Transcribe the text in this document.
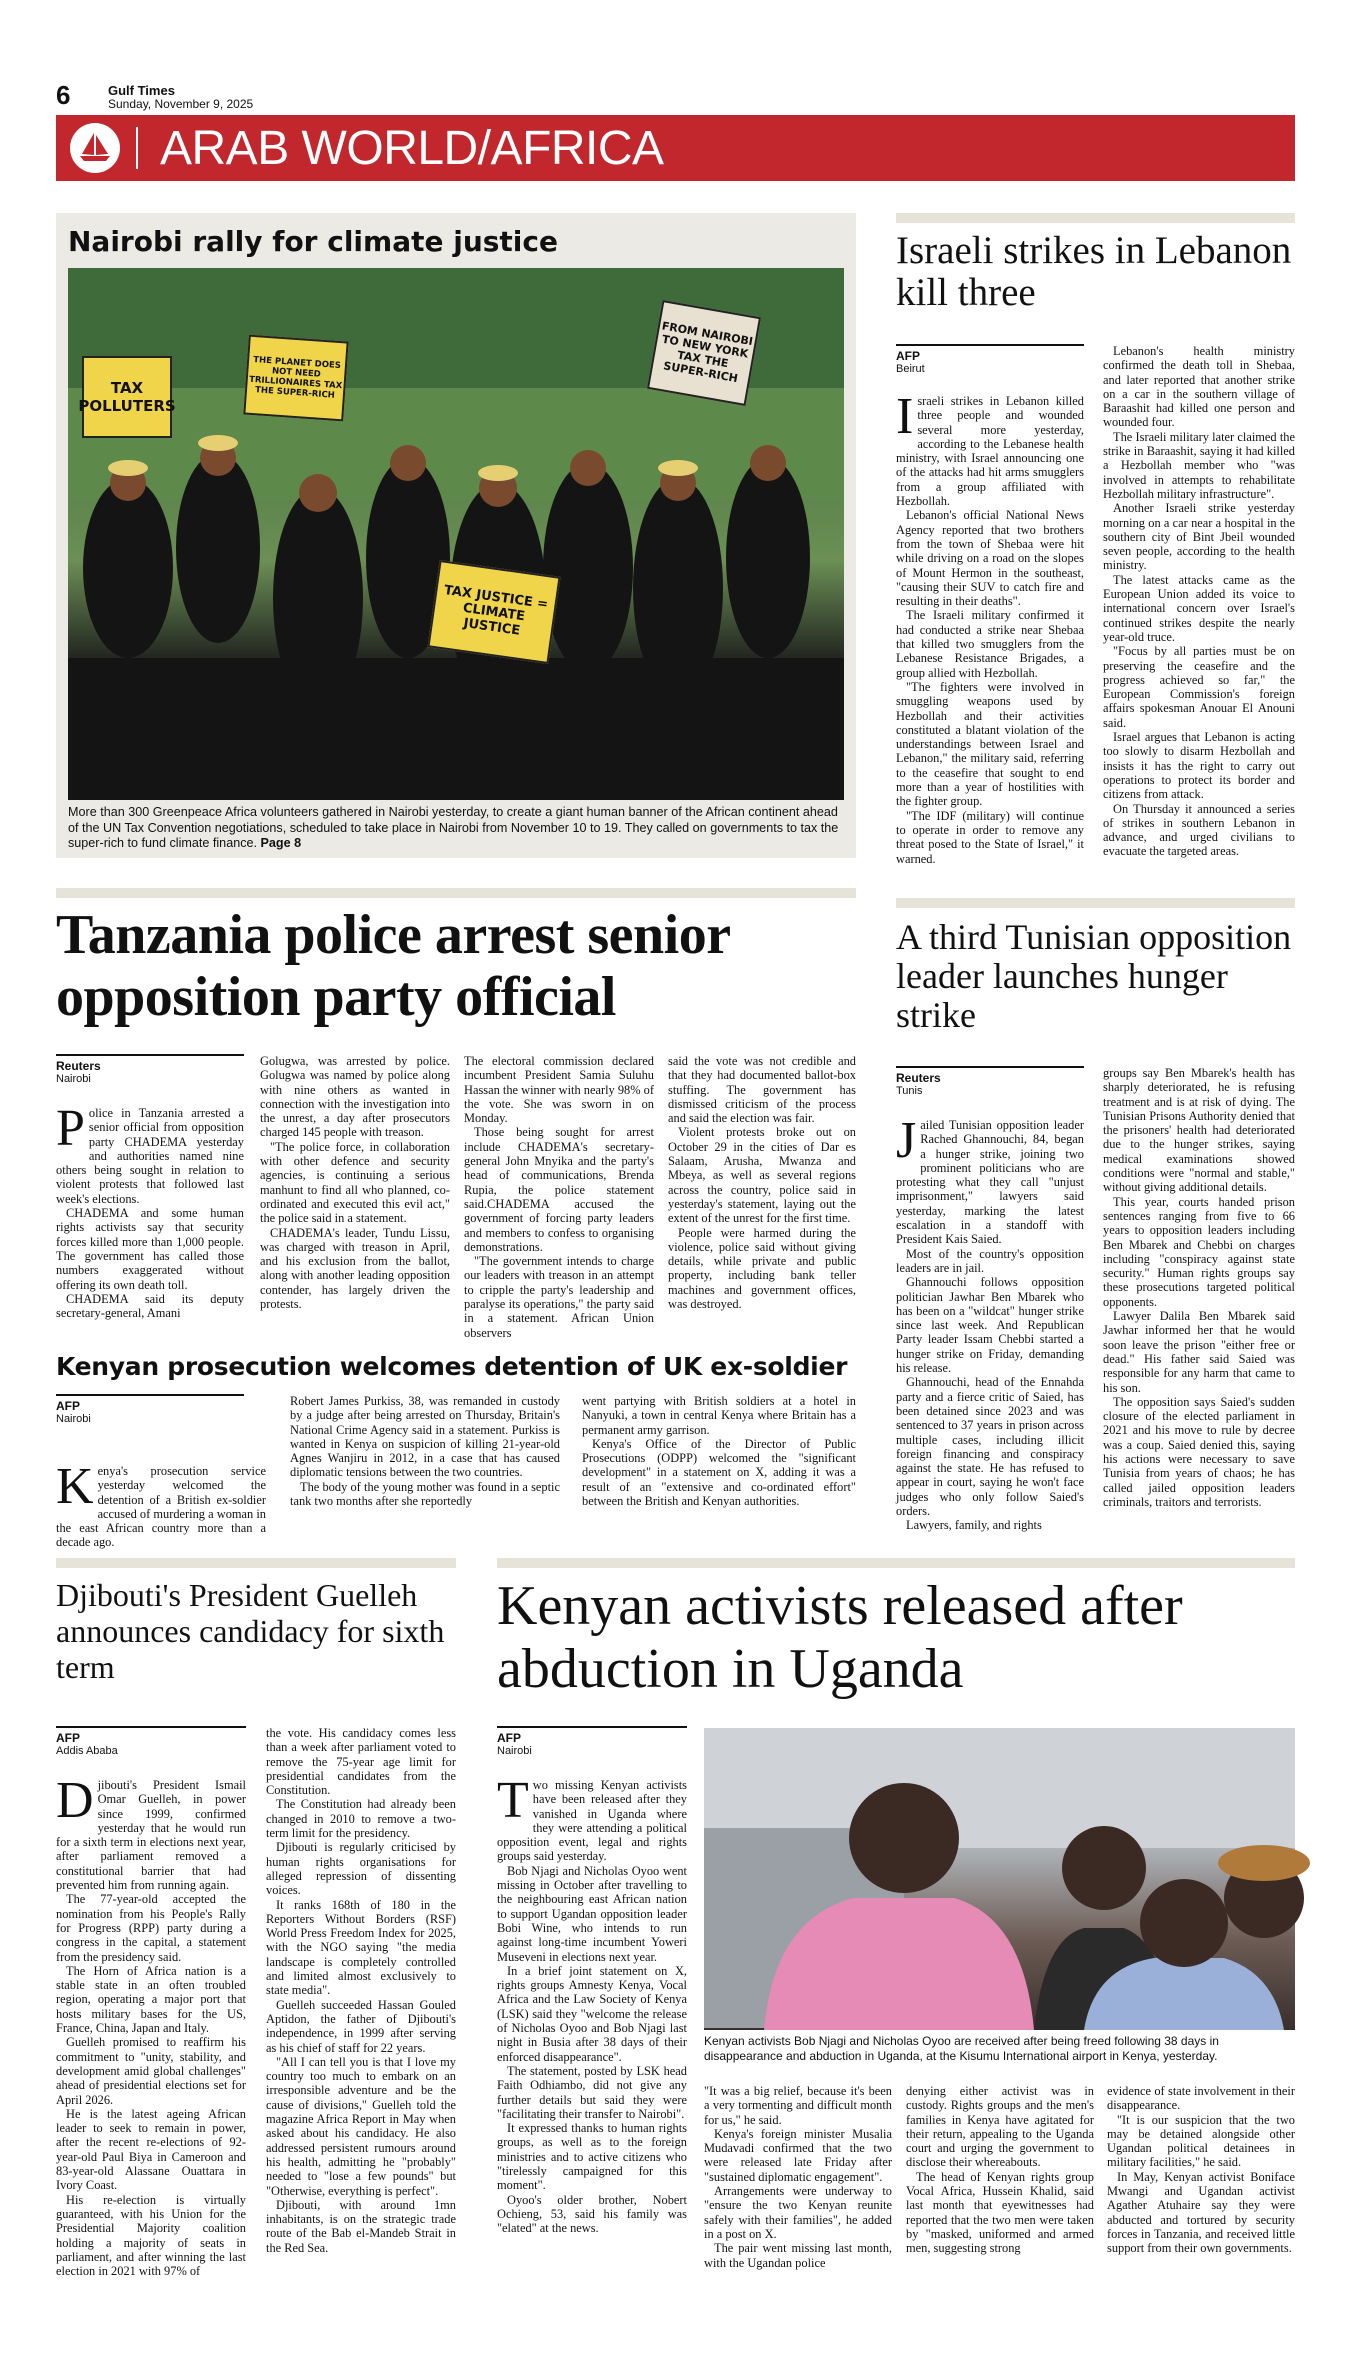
6	Gulf Times
Sunday, November 9, 2025
ARAB WORLD/AFRICA
Nairobi rally for climate justice
TAX POLLUTERS
THE PLANET DOES NOT NEED TRILLIONAIRES TAX THE SUPER-RICH
FROM NAIROBI TO NEW YORK TAX THE SUPER-RICH
TAX JUSTICE = CLIMATE JUSTICE
More than 300 Greenpeace Africa volunteers gathered in Nairobi yesterday, to create a giant human banner of the African continent ahead of the UN Tax Convention negotiations, scheduled to take place in Nairobi from November 10 to 19. They called on governments to tax the super-rich to fund climate finance. Page 8
Israeli strikes in Lebanon kill three
AFP
Beirut

Israeli strikes in Lebanon killed three people and wounded several more yesterday, according to the Lebanese health ministry, with Israel announcing one of the attacks had hit arms smugglers from a group affiliated with Hezbollah.

Lebanon's official National News Agency reported that two brothers from the town of Shebaa were hit while driving on a road on the slopes of Mount Hermon in the southeast, "causing their SUV to catch fire and resulting in their deaths".

The Israeli military confirmed it had conducted a strike near Shebaa that killed two smugglers from the Lebanese Resistance Brigades, a group allied with Hezbollah.

"The fighters were involved in smuggling weapons used by Hezbollah and their activities constituted a blatant violation of the understandings between Israel and Lebanon," the military said, referring to the ceasefire that sought to end more than a year of hostilities with the fighter group.

"The IDF (military) will continue to operate in order to remove any threat posed to the State of Israel," it warned.

Lebanon's health ministry confirmed the death toll in Shebaa, and later reported that another strike on a car in the southern village of Baraashit had killed one person and wounded four.

The Israeli military later claimed the strike in Baraashit, saying it had killed a Hezbollah member who "was involved in attempts to rehabilitate Hezbollah military infrastructure".

Another Israeli strike yesterday morning on a car near a hospital in the southern city of Bint Jbeil wounded seven people, according to the health ministry.

The latest attacks came as the European Union added its voice to international concern over Israel's continued strikes despite the nearly year-old truce.

"Focus by all parties must be on preserving the ceasefire and the progress achieved so far," the European Commission's foreign affairs spokesman Anouar El Anouni said.

Israel argues that Lebanon is acting too slowly to disarm Hezbollah and insists it has the right to carry out operations to protect its border and citizens from attack.

On Thursday it announced a series of strikes in southern Lebanon in advance, and urged civilians to evacuate the targeted areas.

Tanzania police arrest senior opposition party official
Reuters
Nairobi

Police in Tanzania arrested a senior official from opposition party CHADEMA yesterday and authorities named nine others being sought in relation to violent protests that followed last week's elections.

CHADEMA and some human rights activists say that security forces killed more than 1,000 people. The government has called those numbers exaggerated without offering its own death toll.

CHADEMA said its deputy secretary-general, Amani

Golugwa, was arrested by police. Golugwa was named by police along with nine others as wanted in connection with the investigation into the unrest, a day after prosecutors charged 145 people with treason.

"The police force, in collaboration with other defence and security agencies, is continuing a serious manhunt to find all who planned, co-ordinated and executed this evil act," the police said in a statement.

CHADEMA's leader, Tundu Lissu, was charged with treason in April, and his exclusion from the ballot, along with another leading opposition contender, has largely driven the protests.

The electoral commission declared incumbent President Samia Suluhu Hassan the winner with nearly 98% of the vote. She was sworn in on Monday.

Those being sought for arrest include CHADEMA's secretary-general John Mnyika and the party's head of communications, Brenda Rupia, the police statement said.CHADEMA accused the government of forcing party leaders and members to confess to organising demonstrations.

"The government intends to charge our leaders with treason in an attempt to cripple the party's leadership and paralyse its operations," the party said in a statement. African Union observers

said the vote was not credible and that they had documented ballot-box stuffing. The government has dismissed criticism of the process and said the election was fair.

Violent protests broke out on October 29 in the cities of Dar es Salaam, Arusha, Mwanza and Mbeya, as well as several regions across the country, police said in yesterday's statement, laying out the extent of the unrest for the first time.

People were harmed during the violence, police said without giving details, while private and public property, including bank teller machines and government offices, was destroyed.

Kenyan prosecution welcomes detention of UK ex-soldier
AFP
Nairobi

Kenya's prosecution service yesterday welcomed the detention of a British ex-soldier accused of murdering a woman in the east African country more than a decade ago.

Robert James Purkiss, 38, was remanded in custody by a judge after being arrested on Thursday, Britain's National Crime Agency said in a statement. Purkiss is wanted in Kenya on suspicion of killing 21-year-old Agnes Wanjiru in 2012, in a case that has caused diplomatic tensions between the two countries.

The body of the young mother was found in a septic tank two months after she reportedly

went partying with British soldiers at a hotel in Nanyuki, a town in central Kenya where Britain has a permanent army garrison.

Kenya's Office of the Director of Public Prosecutions (ODPP) welcomed the "significant development" in a statement on X, adding it was a result of an "extensive and co-ordinated effort" between the British and Kenyan authorities.

A third Tunisian opposition leader launches hunger strike
Reuters
Tunis

Jailed Tunisian opposition leader Rached Ghannouchi, 84, began a hunger strike, joining two prominent politicians who are protesting what they call "unjust imprisonment," lawyers said yesterday, marking the latest escalation in a standoff with President Kais Saied.

Most of the country's opposition leaders are in jail.

Ghannouchi follows opposition politician Jawhar Ben Mbarek who has been on a "wildcat" hunger strike since last week. And Republican Party leader Issam Chebbi started a hunger strike on Friday, demanding his release.

Ghannouchi, head of the Ennahda party and a fierce critic of Saied, has been detained since 2023 and was sentenced to 37 years in prison across multiple cases, including illicit foreign financing and conspiracy against the state. He has refused to appear in court, saying he won't face judges who only follow Saied's orders.

Lawyers, family, and rights

groups say Ben Mbarek's health has sharply deteriorated, he is refusing treatment and is at risk of dying. The Tunisian Prisons Authority denied that the prisoners' health had deteriorated due to the hunger strikes, saying medical examinations showed conditions were "normal and stable," without giving additional details.

This year, courts handed prison sentences ranging from five to 66 years to opposition leaders including Ben Mbarek and Chebbi on charges including "conspiracy against state security." Human rights groups say these prosecutions targeted political opponents.

Lawyer Dalila Ben Mbarek said Jawhar informed her that he would soon leave the prison "either free or dead." His father said Saied was responsible for any harm that came to his son.

The opposition says Saied's sudden closure of the elected parliament in 2021 and his move to rule by decree was a coup. Saied denied this, saying his actions were necessary to save Tunisia from years of chaos; he has called jailed opposition leaders criminals, traitors and terrorists.

Djibouti's President Guelleh announces candidacy for sixth term
AFP
Addis Ababa

Djibouti's President Ismail Omar Guelleh, in power since 1999, confirmed yesterday that he would run for a sixth term in elections next year, after parliament removed a constitutional barrier that had prevented him from running again.

The 77-year-old accepted the nomination from his People's Rally for Progress (RPP) party during a congress in the capital, a statement from the presidency said.

The Horn of Africa nation is a stable state in an often troubled region, operating a major port that hosts military bases for the US, France, China, Japan and Italy.

Guelleh promised to reaffirm his commitment to "unity, stability, and development amid global challenges" ahead of presidential elections set for April 2026.

He is the latest ageing African leader to seek to remain in power, after the recent re-elections of 92-year-old Paul Biya in Cameroon and 83-year-old Alassane Ouattara in Ivory Coast.

His re-election is virtually guaranteed, with his Union for the Presidential Majority coalition holding a majority of seats in parliament, and after winning the last election in 2021 with 97% of

the vote. His candidacy comes less than a week after parliament voted to remove the 75-year age limit for presidential candidates from the Constitution.

The Constitution had already been changed in 2010 to remove a two-term limit for the presidency.

Djibouti is regularly criticised by human rights organisations for alleged repression of dissenting voices.

It ranks 168th of 180 in the Reporters Without Borders (RSF) World Press Freedom Index for 2025, with the NGO saying "the media landscape is completely controlled and limited almost exclusively to state media".

Guelleh succeeded Hassan Gouled Aptidon, the father of Djibouti's independence, in 1999 after serving as his chief of staff for 22 years.

"All I can tell you is that I love my country too much to embark on an irresponsible adventure and be the cause of divisions," Guelleh told the magazine Africa Report in May when asked about his candidacy. He also addressed persistent rumours around his health, admitting he "probably" needed to "lose a few pounds" but "Otherwise, everything is perfect".

Djibouti, with around 1mn inhabitants, is on the strategic trade route of the Bab el-Mandeb Strait in the Red Sea.

Kenyan activists released after abduction in Uganda
AFP
Nairobi

Two missing Kenyan activists have been released after they vanished in Uganda where they were attending a political opposition event, legal and rights groups said yesterday.

Bob Njagi and Nicholas Oyoo went missing in October after travelling to the neighbouring east African nation to support Ugandan opposition leader Bobi Wine, who intends to run against long-time incumbent Yoweri Museveni in elections next year.

In a brief joint statement on X, rights groups Amnesty Kenya, Vocal Africa and the Law Society of Kenya (LSK) said they "welcome the release of Nicholas Oyoo and Bob Njagi last night in Busia after 38 days of their enforced disappearance".

The statement, posted by LSK head Faith Odhiambo, did not give any further details but said they were "facilitating their transfer to Nairobi".

It expressed thanks to human rights groups, as well as to the foreign ministries and to active citizens who "tirelessly campaigned for this moment".

Oyoo's older brother, Nobert Ochieng, 53, said his family was "elated" at the news.

Kenyan activists Bob Njagi and Nicholas Oyoo are received after being freed following 38 days in disappearance and abduction in Uganda, at the Kisumu International airport in Kenya, yesterday.

"It was a big relief, because it's been a very tormenting and difficult month for us," he said.

Kenya's foreign minister Musalia Mudavadi confirmed that the two were released late Friday after "sustained diplomatic engagement".

Arrangements were underway to "ensure the two Kenyan reunite safely with their families", he added in a post on X.

The pair went missing last month, with the Ugandan police

denying either activist was in custody. Rights groups and the men's families in Kenya have agitated for their return, appealing to the Uganda court and urging the government to disclose their whereabouts.

The head of Kenyan rights group Vocal Africa, Hussein Khalid, said last month that eyewitnesses had reported that the two men were taken by "masked, uniformed and armed men, suggesting strong

evidence of state involvement in their disappearance.

"It is our suspicion that the two may be detained alongside other Ugandan political detainees in military facilities," he said.

In May, Kenyan activist Boniface Mwangi and Ugandan activist Agather Atuhaire say they were abducted and tortured by security forces in Tanzania, and received little support from their own governments.
